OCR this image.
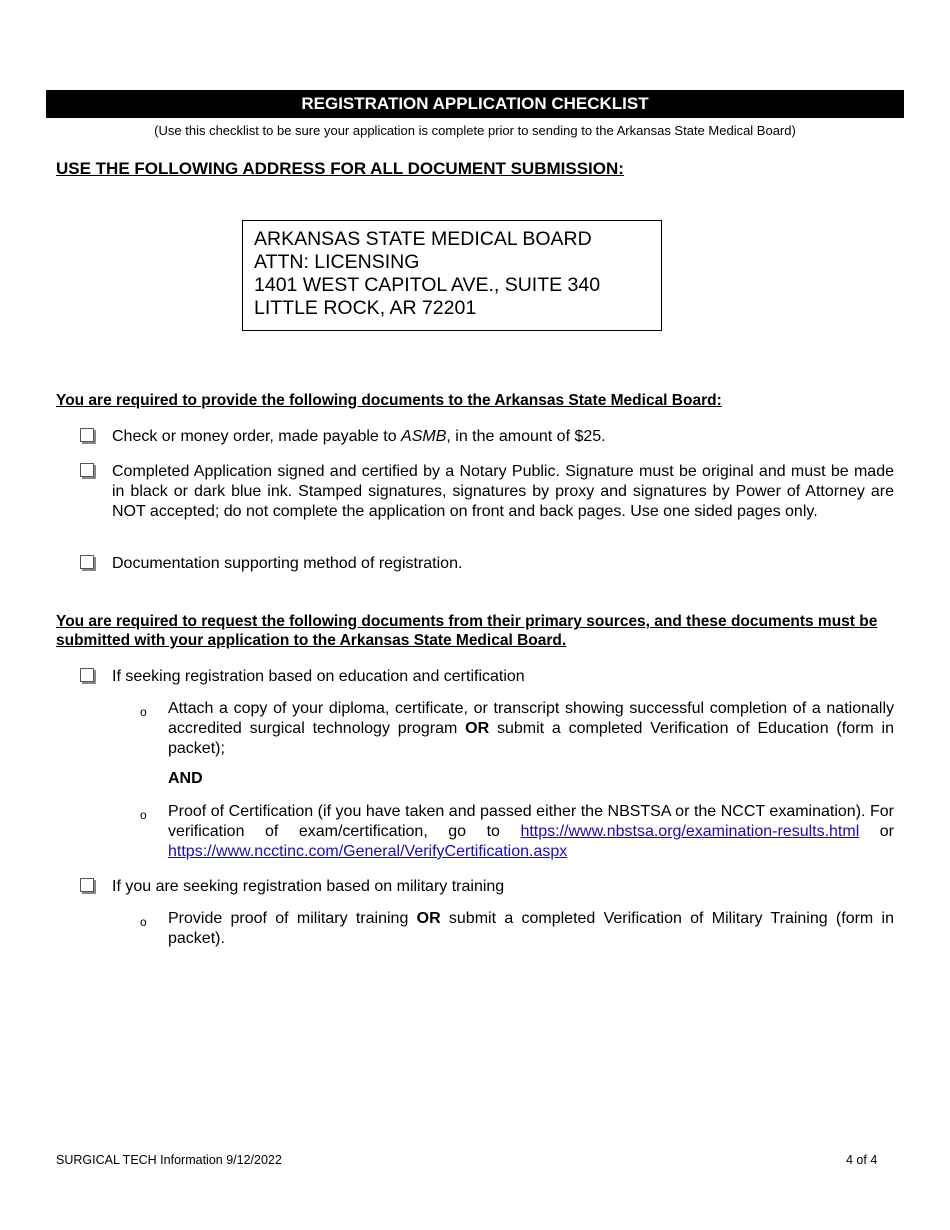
REGISTRATION APPLICATION CHECKLIST
(Use this checklist to be sure your application is complete prior to sending to the Arkansas State Medical Board)
USE THE FOLLOWING ADDRESS FOR ALL DOCUMENT SUBMISSION:
ARKANSAS STATE MEDICAL BOARD
ATTN: LICENSING
1401 WEST CAPITOL AVE., SUITE 340
LITTLE ROCK, AR 72201
You are required to provide the following documents to the Arkansas State Medical Board:
Check or money order, made payable to ASMB, in the amount of $25.
Completed Application signed and certified by a Notary Public. Signature must be original and must be made in black or dark blue ink. Stamped signatures, signatures by proxy and signatures by Power of Attorney are NOT accepted; do not complete the application on front and back pages. Use one sided pages only.
Documentation supporting method of registration.
You are required to request the following documents from their primary sources, and these documents must be submitted with your application to the Arkansas State Medical Board.
If seeking registration based on education and certification
o Attach a copy of your diploma, certificate, or transcript showing successful completion of a nationally accredited surgical technology program OR submit a completed Verification of Education (form in packet);
AND
o Proof of Certification (if you have taken and passed either the NBSTSA or the NCCT examination). For verification of exam/certification, go to https://www.nbstsa.org/examination-results.html or https://www.ncctinc.com/General/VerifyCertification.aspx
If you are seeking registration based on military training
o Provide proof of military training OR submit a completed Verification of Military Training (form in packet).
SURGICAL TECH Information 9/12/2022	4 of 4
